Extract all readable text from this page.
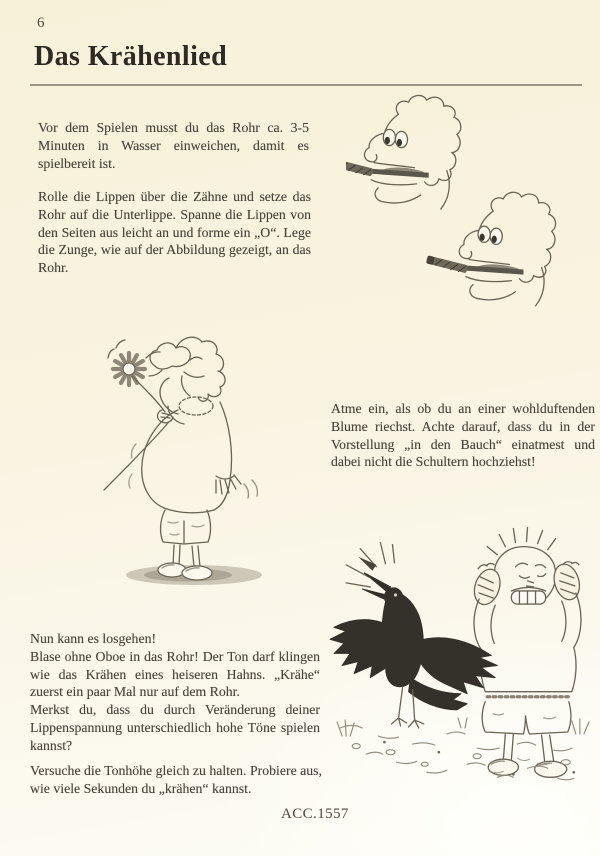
6
Das Krähenlied

Vor dem Spielen musst du das Rohr ca. 3-5 Minuten in Wasser einweichen, damit es spielbereit ist.

Rolle die Lippen über die Zähne und setze das Rohr auf die Unterlippe. Spanne die Lippen von den Seiten aus leicht an und forme ein „O“. Lege die Zunge, wie auf der Abbildung gezeigt, an das Rohr.

Atme ein, als ob du an einer wohlduftenden Blume riechst. Achte darauf, dass du in der Vorstellung „in den Bauch“ einatmest und dabei nicht die Schultern hochziehst!

Nun kann es losgehen!

Blase ohne Oboe in das Rohr! Der Ton darf klingen wie das Krähen eines heiseren Hahns. „Krähe“ zuerst ein paar Mal nur auf dem Rohr.

Merkst du, dass du durch Veränderung deiner Lippenspannung unterschiedlich hohe Töne spielen kannst?

Versuche die Tonhöhe gleich zu halten. Probiere aus, wie viele Sekunden du „krähen“ kannst.

ACC.1557
